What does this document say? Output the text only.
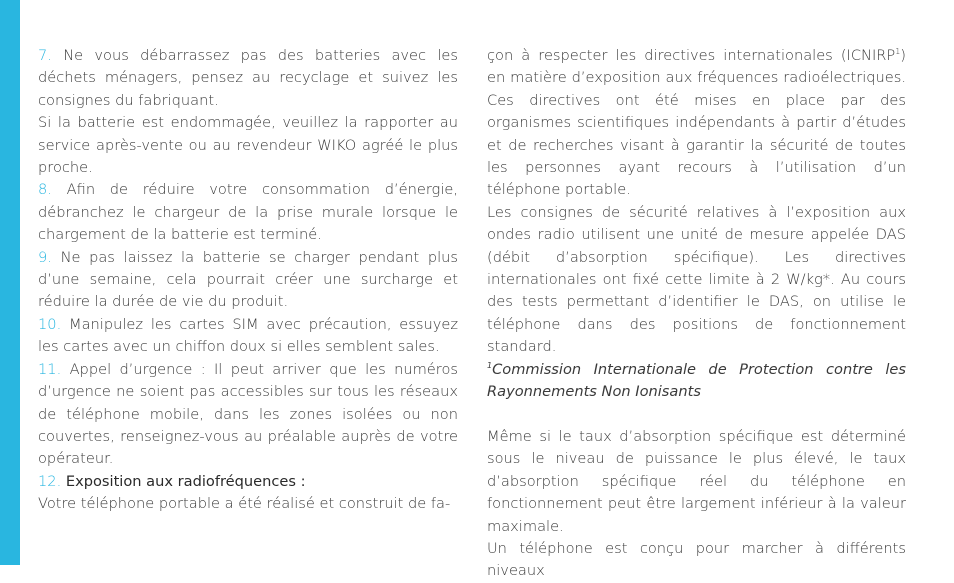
7. Ne vous débarrassez pas des batteries avec les déchets ménagers, pensez au recyclage et suivez les consignes du fabriquant.

Si la batterie est endommagée, veuillez la rapporter au service après-vente ou au revendeur WIKO agréé le plus proche.

8. Afin de réduire votre consommation d’énergie, débranchez le chargeur de la prise murale lorsque le chargement de la batterie est terminé.

9. Ne pas laissez la batterie se charger pendant plus d’une semaine, cela pourrait créer une surcharge et réduire la durée de vie du produit.

10. Manipulez les cartes SIM avec précaution, essuyez les cartes avec un chiffon doux si elles semblent sales.

11. Appel d’urgence : Il peut arriver que les numéros d’urgence ne soient pas accessibles sur tous les réseaux de téléphone mobile, dans les zones isolées ou non couvertes, renseignez-vous au préalable auprès de votre opérateur.

12. Exposition aux radiofréquences :

Votre téléphone portable a été réalisé et construit de fa-

çon à respecter les directives internationales (ICNIRP$^1$) en matière d’exposition aux fréquences radioélectriques. Ces directives ont été mises en place par des organismes scientifiques indépendants à partir d’études et de recherches visant à garantir la sécurité de toutes les personnes ayant recours à l’utilisation d’un téléphone portable.

Les consignes de sécurité relatives à l’exposition aux ondes radio utilisent une unité de mesure appelée DAS (débit d’absorption spécifique). Les directives internationales ont fixé cette limite à 2 W/kg*. Au cours des tests permettant d’identifier le DAS, on utilise le téléphone dans des positions de fonctionnement standard.

$^1$Commission Internationale de Protection contre les Rayonnements Non Ionisants

Même si le taux d’absorption spécifique est déterminé sous le niveau de puissance le plus élevé, le taux d’absorption spécifique réel du téléphone en fonctionnement peut être largement inférieur à la valeur maximale.

Un téléphone est conçu pour marcher à différents niveaux
